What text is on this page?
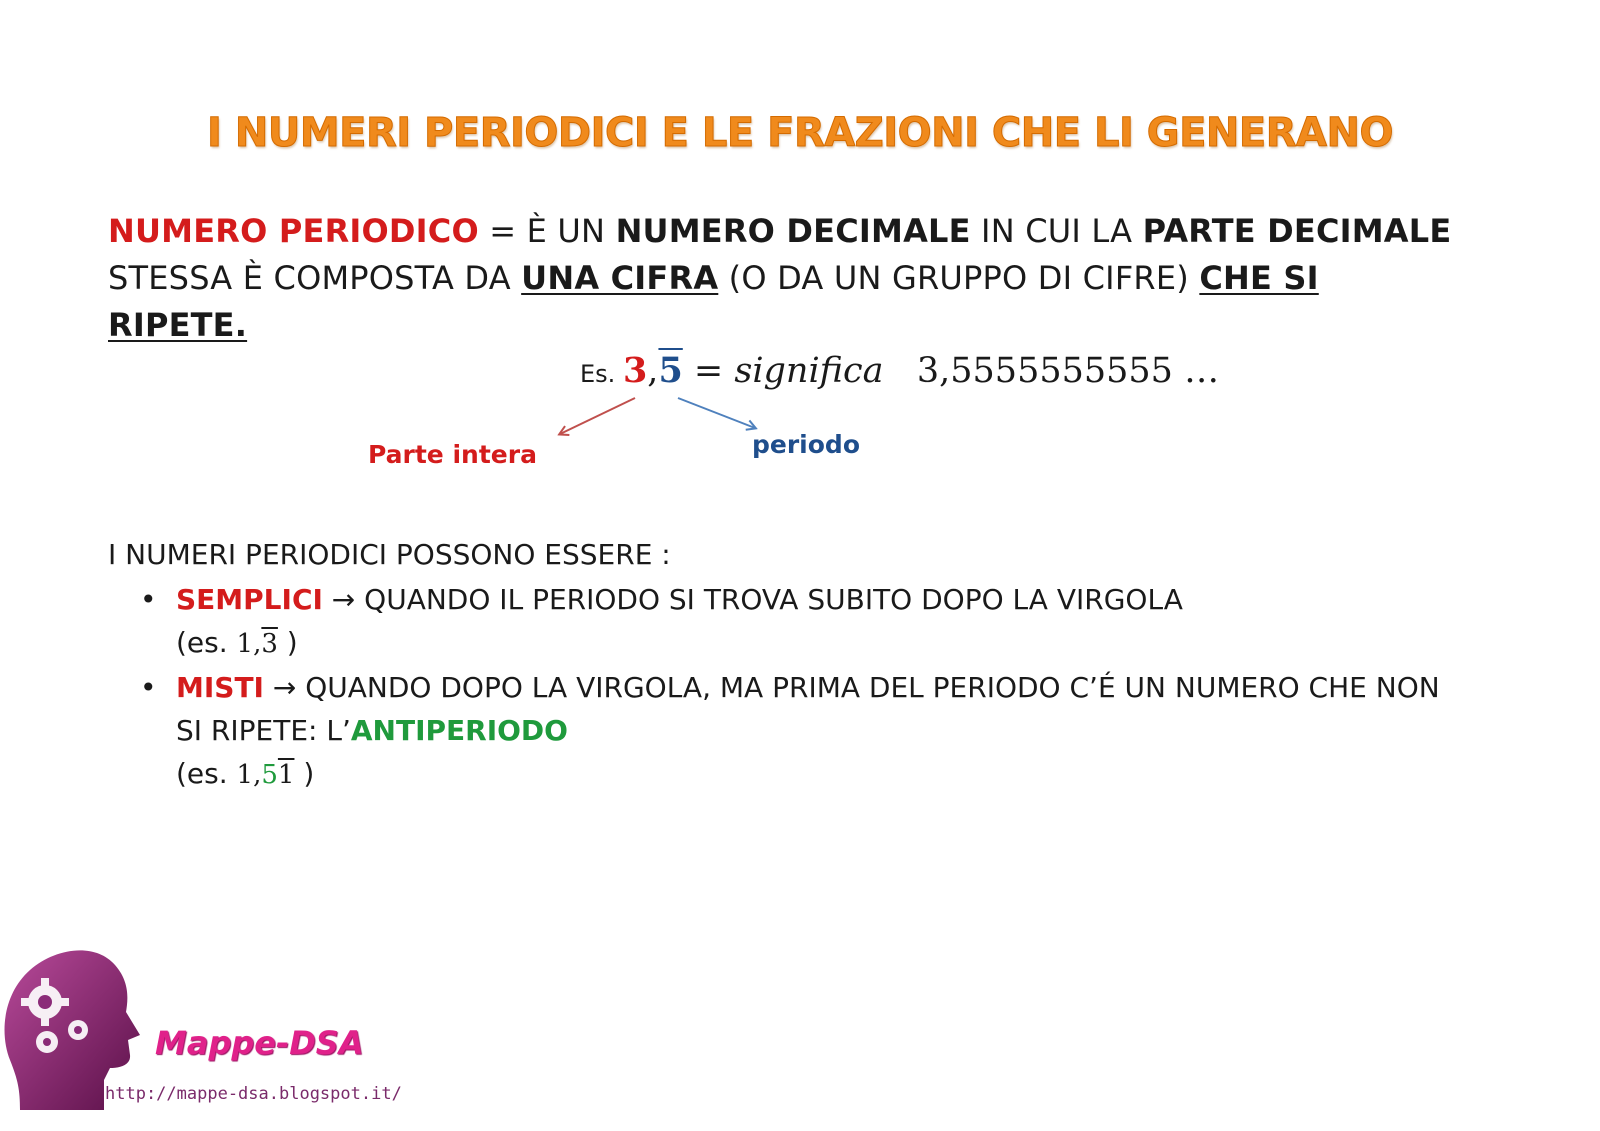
I NUMERI PERIODICI E LE FRAZIONI CHE LI GENERANO
NUMERO PERIODICO = È UN NUMERO DECIMALE IN CUI LA PARTE DECIMALE STESSA È COMPOSTA DA UNA CIFRA (O DA UN GRUPPO DI CIFRE) CHE SI RIPETE.
Es. 3,5 = significa 3,5555555555 …
Parte intera	periodo
I NUMERI PERIODICI POSSONO ESSERE :
• SEMPLICI → QUANDO IL PERIODO SI TROVA SUBITO DOPO LA VIRGOLA
(es. 1,3 )
• MISTI → QUANDO DOPO LA VIRGOLA, MA PRIMA DEL PERIODO C’É UN NUMERO CHE NON SI RIPETE: L’ANTIPERIODO
(es. 1,51 )
Mappe-DSA
http://mappe-dsa.blogspot.it/
